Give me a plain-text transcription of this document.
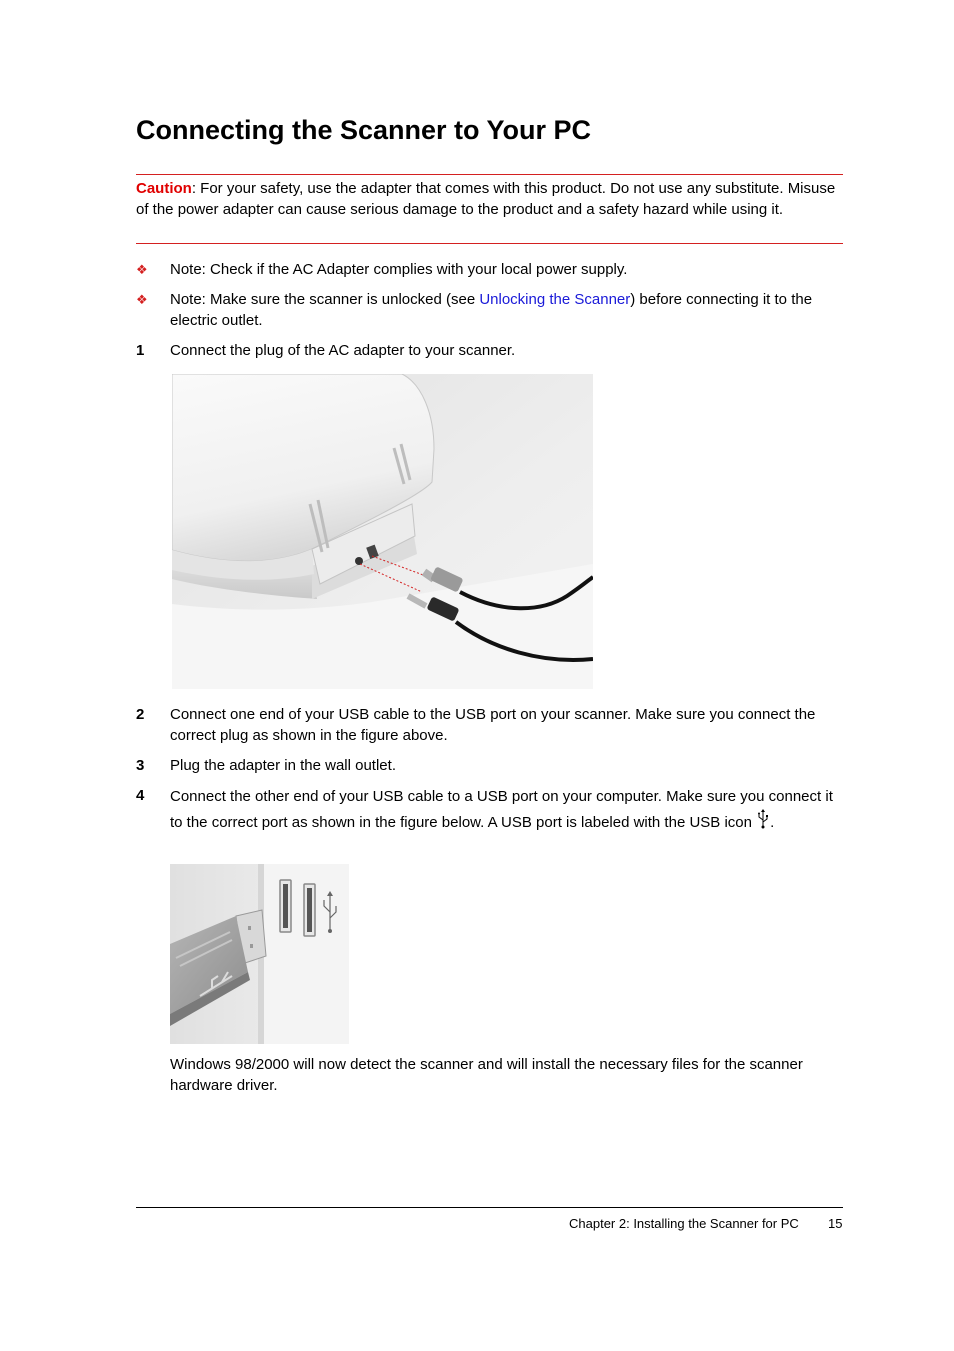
Connecting the Scanner to Your PC

Caution: For your safety, use the adapter that comes with this product. Do not use any substitute. Misuse of the power adapter can cause serious damage to the product and a safety hazard while using it.

❖ Note: Check if the AC Adapter complies with your local power supply.

❖ Note: Make sure the scanner is unlocked (see Unlocking the Scanner) before connecting it to the electric outlet.

1 Connect the plug of the AC adapter to your scanner.

2 Connect one end of your USB cable to the USB port on your scanner. Make sure you connect the correct plug as shown in the figure above.

3 Plug the adapter in the wall outlet.

4 Connect the other end of your USB cable to a USB port on your computer. Make sure you connect it to the correct port as shown in the figure below. A USB port is labeled with the USB icon .

Windows 98/2000 will now detect the scanner and will install the necessary files for the scanner hardware driver.

Chapter 2: Installing the Scanner for PC 15
